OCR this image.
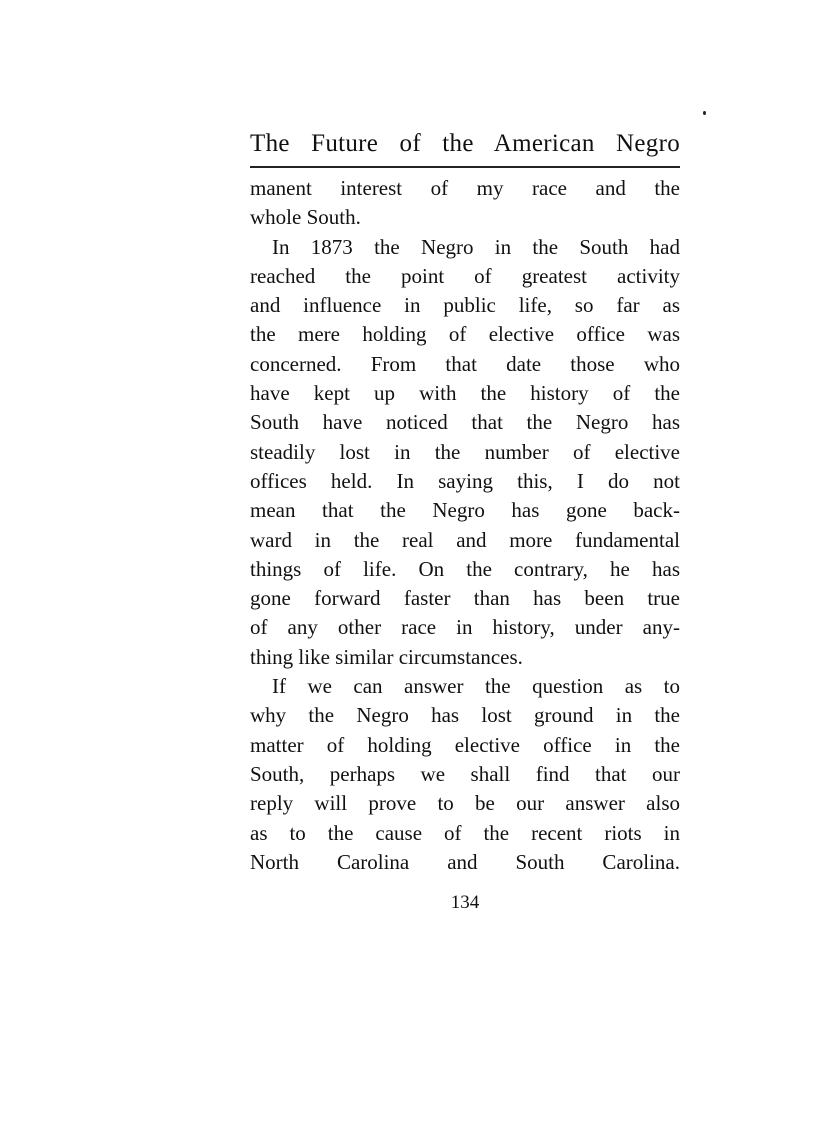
The Future of the American Negro
manent interest of my race and the
whole South.
In 1873 the Negro in the South had
reached the point of greatest activity
and influence in public life, so far as
the mere holding of elective office was
concerned. From that date those who
have kept up with the history of the
South have noticed that the Negro has
steadily lost in the number of elective
offices held. In saying this, I do not
mean that the Negro has gone back-
ward in the real and more fundamental
things of life. On the contrary, he has
gone forward faster than has been true
of any other race in history, under any-
thing like similar circumstances.
If we can answer the question as to
why the Negro has lost ground in the
matter of holding elective office in the
South, perhaps we shall find that our
reply will prove to be our answer also
as to the cause of the recent riots in
North Carolina and South Carolina.
134
